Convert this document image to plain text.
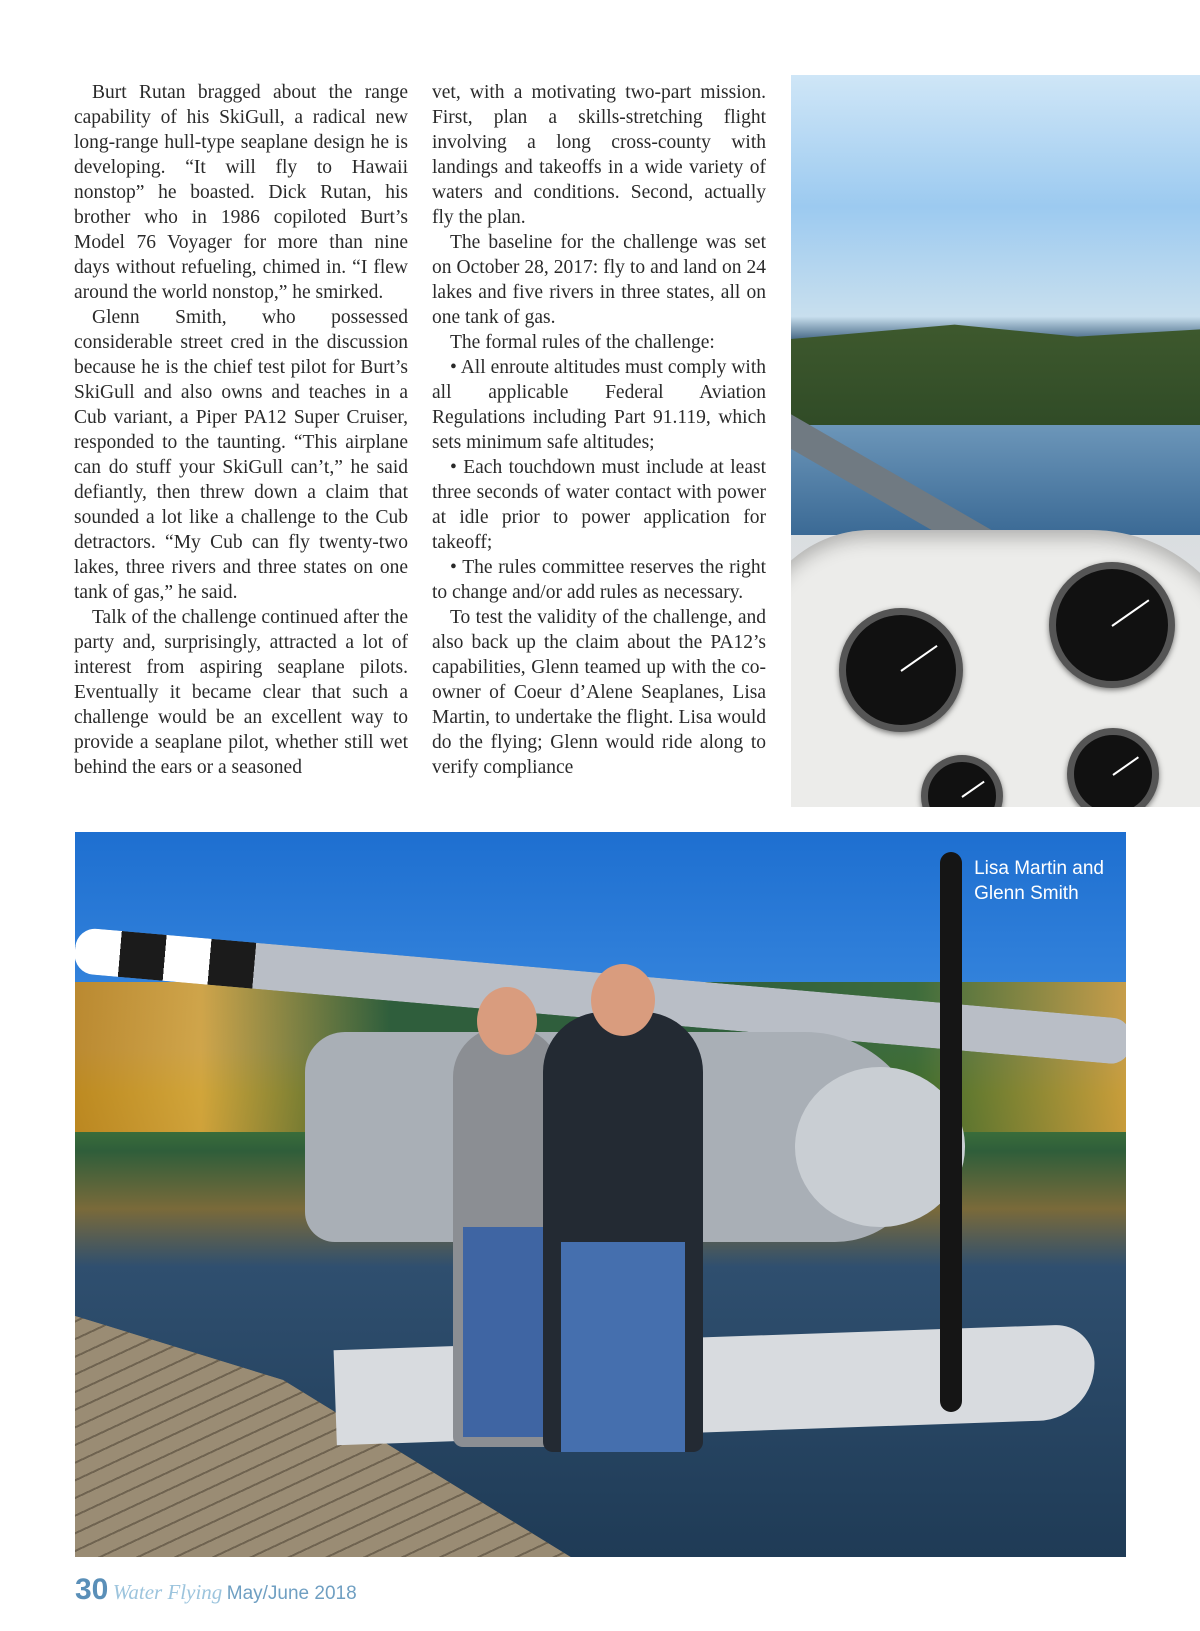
Burt Rutan bragged about the range capability of his SkiGull, a radical new long-range hull-type seaplane design he is developing. “It will fly to Hawaii nonstop” he boasted. Dick Rutan, his brother who in 1986 copiloted Burt’s Model 76 Voyager for more than nine days without refueling, chimed in. “I flew around the world nonstop,” he smirked.

Glenn Smith, who possessed considerable street cred in the discussion because he is the chief test pilot for Burt’s SkiGull and also owns and teaches in a Cub variant, a Piper PA12 Super Cruiser, responded to the taunting. “This airplane can do stuff your SkiGull can’t,” he said defiantly, then threw down a claim that sounded a lot like a challenge to the Cub detractors. “My Cub can fly twenty-two lakes, three rivers and three states on one tank of gas,” he said.

Talk of the challenge continued after the party and, surprisingly, attracted a lot of interest from aspiring seaplane pilots. Eventually it became clear that such a challenge would be an excellent way to provide a seaplane pilot, whether still wet behind the ears or a seasoned

vet, with a motivating two-part mission. First, plan a skills-stretching flight involving a long cross-county with landings and takeoffs in a wide variety of waters and conditions. Second, actually fly the plan.

The baseline for the challenge was set on October 28, 2017: fly to and land on 24 lakes and five rivers in three states, all on one tank of gas.

The formal rules of the challenge:

• All enroute altitudes must comply with all applicable Federal Aviation Regulations including Part 91.119, which sets minimum safe altitudes;

• Each touchdown must include at least three seconds of water contact with power at idle prior to power application for takeoff;

• The rules committee reserves the right to change and/or add rules as necessary.

To test the validity of the challenge, and also back up the claim about the PA12’s capabilities, Glenn teamed up with the co-owner of Coeur d’Alene Seaplanes, Lisa Martin, to undertake the flight. Lisa would do the flying; Glenn would ride along to verify compliance

Lisa Martin and
Glenn Smith
30 Water Flying May/June 2018
